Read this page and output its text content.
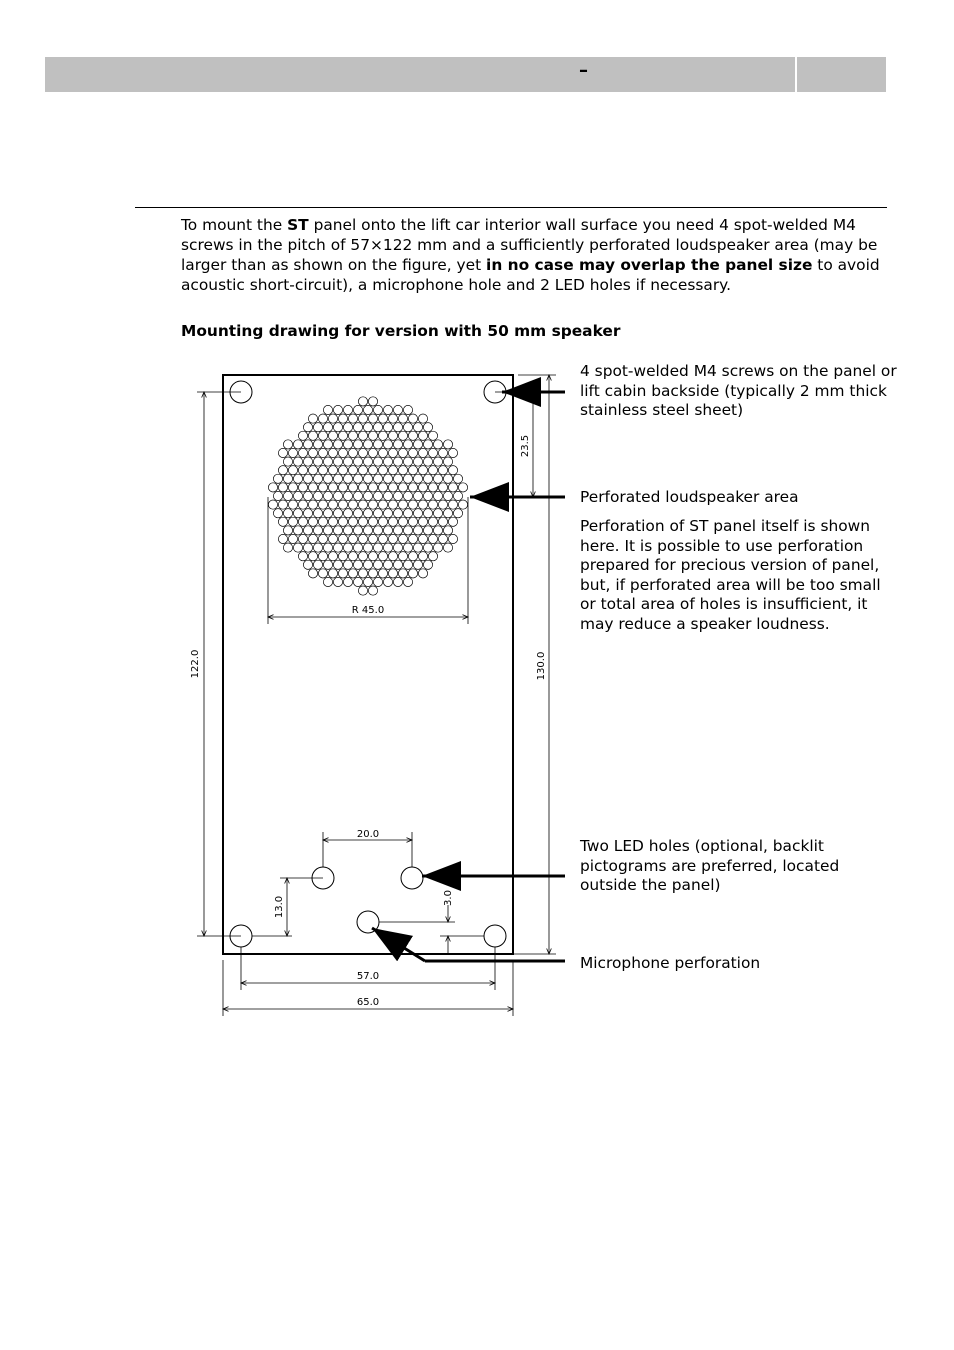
–

To mount the ST panel onto the lift car interior wall surface you need 4 spot-welded M4 screws in the pitch of 57×122 mm and a sufficiently perforated loudspeaker area (may be larger than as shown on the figure, yet in no case may overlap the panel size to avoid acoustic short-circuit), a microphone hole and 2 LED holes if necessary.

Mounting drawing for version with 50 mm speaker
R 45.0
23.5
130.0
122.0
20.0
13.0	3.0
57.0
65.0

4 spot-welded M4 screws on the panel or lift cabin backside (typically 2 mm thick stainless steel sheet)

Perforated loudspeaker area

Perforation of ST panel itself is shown here. It is possible to use perforation prepared for precious version of panel, but, if perforated area will be too small or total area of holes is insufficient, it may reduce a speaker loudness.

Two LED holes (optional, backlit pictograms are preferred, located outside the panel)

Microphone perforation
